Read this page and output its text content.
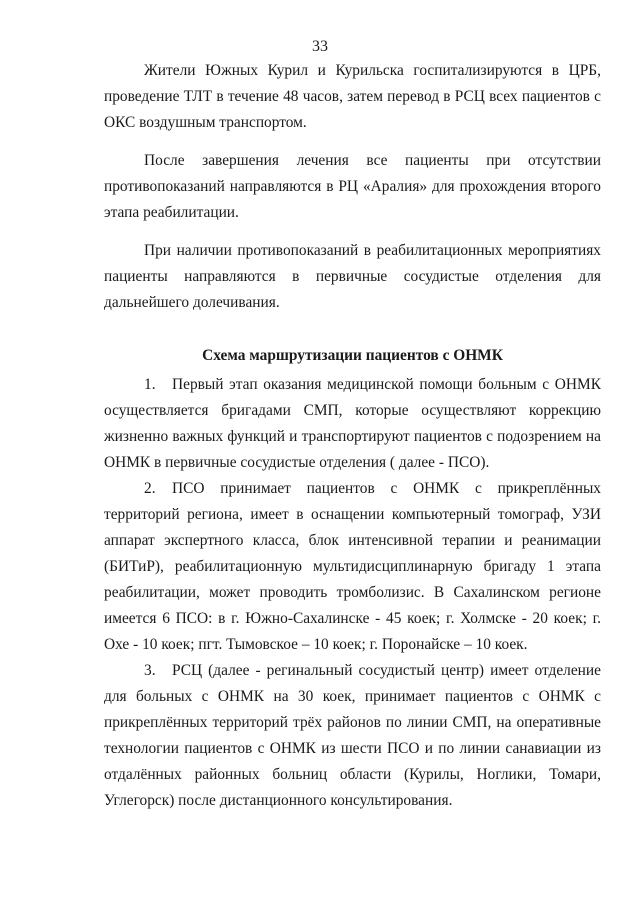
33

Жители Южных Курил и Курильска госпитализируются в ЦРБ, проведение ТЛТ в течение 48 часов, затем перевод в РСЦ всех пациентов с ОКС воздушным транспортом.

После завершения лечения все пациенты при отсутствии противопоказаний направляются в РЦ «Аралия» для прохождения второго этапа реабилитации.

При наличии противопоказаний в реабилитационных мероприятиях пациенты направляются в первичные сосудистые отделения для дальнейшего долечивания.

Схема маршрутизации пациентов с ОНМК

1. Первый этап оказания медицинской помощи больным с ОНМК осуществляется бригадами СМП, которые осуществляют коррекцию жизненно важных функций и транспортируют пациентов с подозрением на ОНМК в первичные сосудистые отделения ( далее - ПСО).

2. ПСО принимает пациентов с ОНМК с прикреплённых территорий региона, имеет в оснащении компьютерный томограф, УЗИ аппарат экспертного класса, блок интенсивной терапии и реанимации (БИТиР), реабилитационную мультидисциплинарную бригаду 1 этапа реабилитации, может проводить тромболизис. В Сахалинском регионе имеется 6 ПСО: в г. Южно-Сахалинске - 45 коек; г. Холмске - 20 коек; г. Охе - 10 коек; пгт. Тымовское – 10 коек; г. Поронайске – 10 коек.

3. РСЦ (далее - регинальный сосудистый центр) имеет отделение для больных с ОНМК на 30 коек, принимает пациентов с ОНМК с прикреплённых территорий трёх районов по линии СМП, на оперативные технологии пациентов с ОНМК из шести ПСО и по линии санавиации из отдалённых районных больниц области (Курилы, Ноглики, Томари, Углегорск) после дистанционного консультирования.
